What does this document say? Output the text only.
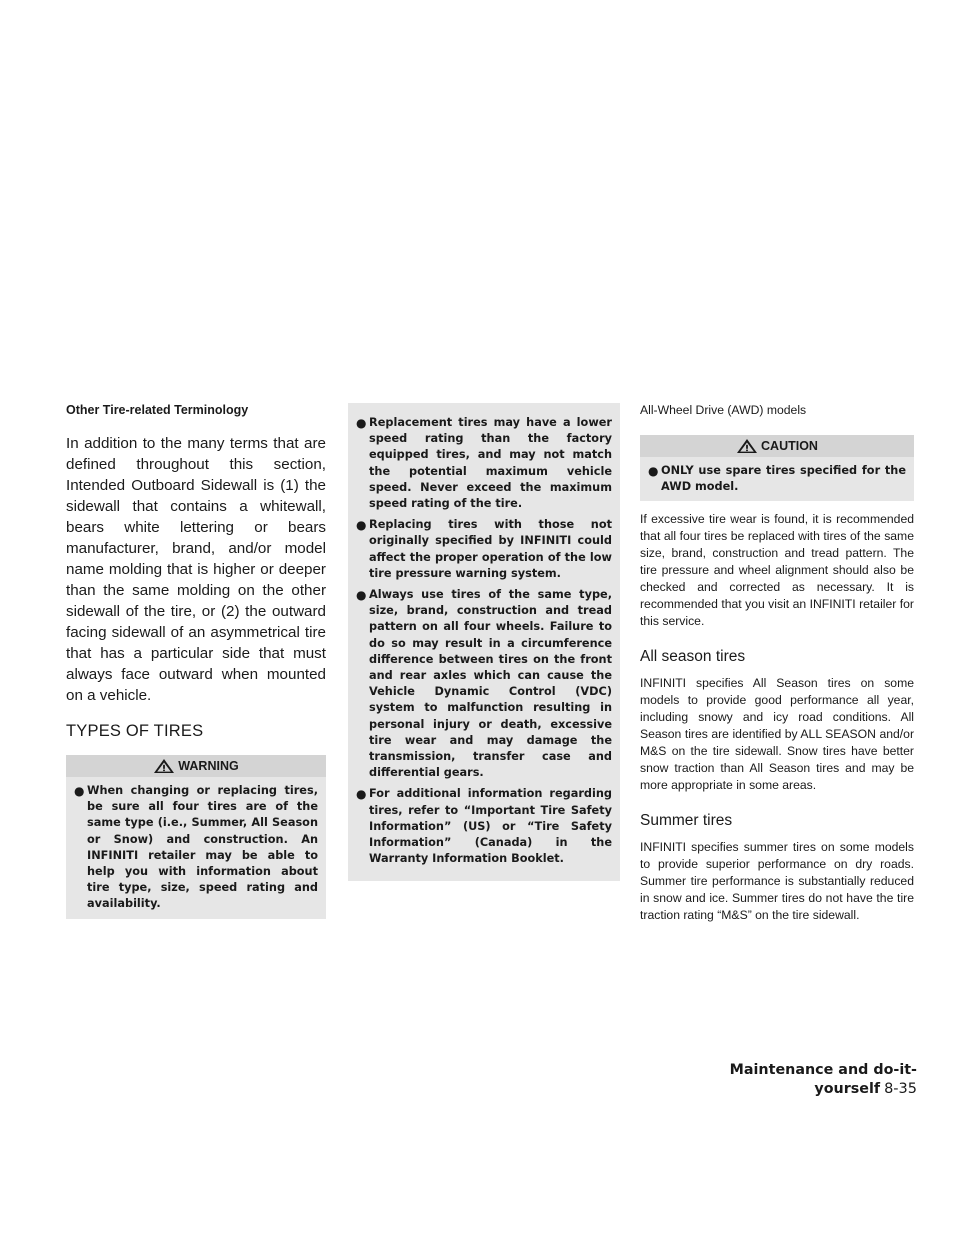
Other Tire-related Terminology

In addition to the many terms that are defined throughout this section, Intended Outboard Sidewall is (1) the sidewall that contains a whitewall, bears white lettering or bears manufacturer, brand, and/or model name molding that is higher or deeper than the same molding on the other sidewall of the tire, or (2) the outward facing sidewall of an asymmetrical tire that has a particular side that must always face outward when mounted on a vehicle.

TYPES OF TIRES
WARNING
● When changing or replacing tires, be sure all four tires are of the same type (i.e., Summer, All Season or Snow) and construction. An INFINITI retailer may be able to help you with information about tire type, size, speed rating and availability.
● Replacement tires may have a lower speed rating than the factory equipped tires, and may not match the potential maximum vehicle speed. Never exceed the maximum speed rating of the tire.
● Replacing tires with those not originally specified by INFINITI could affect the proper operation of the low tire pressure warning system.
● Always use tires of the same type, size, brand, construction and tread pattern on all four wheels. Failure to do so may result in a circumference difference between tires on the front and rear axles which can cause the Vehicle Dynamic Control (VDC) system to malfunction resulting in personal injury or death, excessive tire wear and may damage the transmission, transfer case and differential gears.
● For additional information regarding tires, refer to “Important Tire Safety Information” (US) or “Tire Safety Information” (Canada) in the Warranty Information Booklet.
All-Wheel Drive (AWD) models
CAUTION
● ONLY use spare tires specified for the AWD model.

If excessive tire wear is found, it is recommended that all four tires be replaced with tires of the same size, brand, construction and tread pattern. The tire pressure and wheel alignment should also be checked and corrected as necessary. It is recommended that you visit an INFINITI retailer for this service.

All season tires

INFINITI specifies All Season tires on some models to provide good performance all year, including snowy and icy road conditions. All Season tires are identified by ALL SEASON and/or M&S on the tire sidewall. Snow tires have better snow traction than All Season tires and may be more appropriate in some areas.

Summer tires

INFINITI specifies summer tires on some models to provide superior performance on dry roads. Summer tire performance is substantially reduced in snow and ice. Summer tires do not have the tire traction rating “M&S” on the tire sidewall.

Maintenance and do-it-yourself 8-35
